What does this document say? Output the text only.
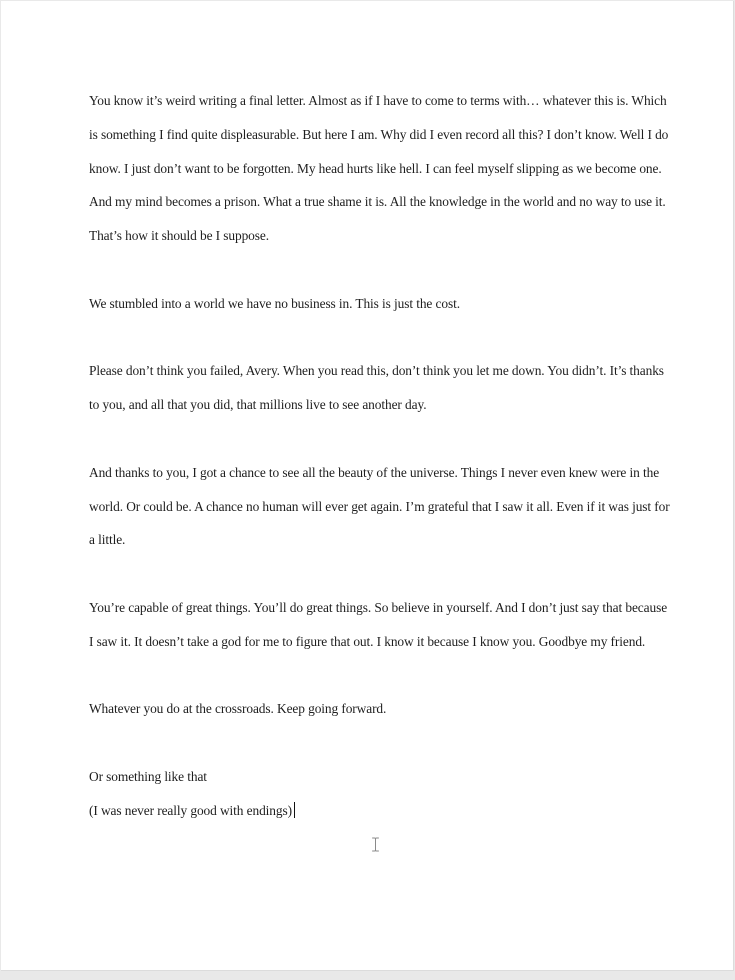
You know it’s weird writing a final letter. Almost as if I have to come to terms with… whatever this is. Which is something I find quite displeasurable. But here I am. Why did I even record all this? I don’t know. Well I do know. I just don’t want to be forgotten. My head hurts like hell. I can feel myself slipping as we become one. And my mind becomes a prison. What a true shame it is. All the knowledge in the world and no way to use it. That’s how it should be I suppose.

We stumbled into a world we have no business in. This is just the cost.

Please don’t think you failed, Avery. When you read this, don’t think you let me down. You didn’t. It’s thanks to you, and all that you did, that millions live to see another day.

And thanks to you, I got a chance to see all the beauty of the universe. Things I never even knew were in the world. Or could be. A chance no human will ever get again. I’m grateful that I saw it all. Even if it was just for a little.

You’re capable of great things. You’ll do great things. So believe in yourself. And I don’t just say that because I saw it. It doesn’t take a god for me to figure that out. I know it because I know you. Goodbye my friend.

Whatever you do at the crossroads. Keep going forward.

Or something like that

(I was never really good with endings)
